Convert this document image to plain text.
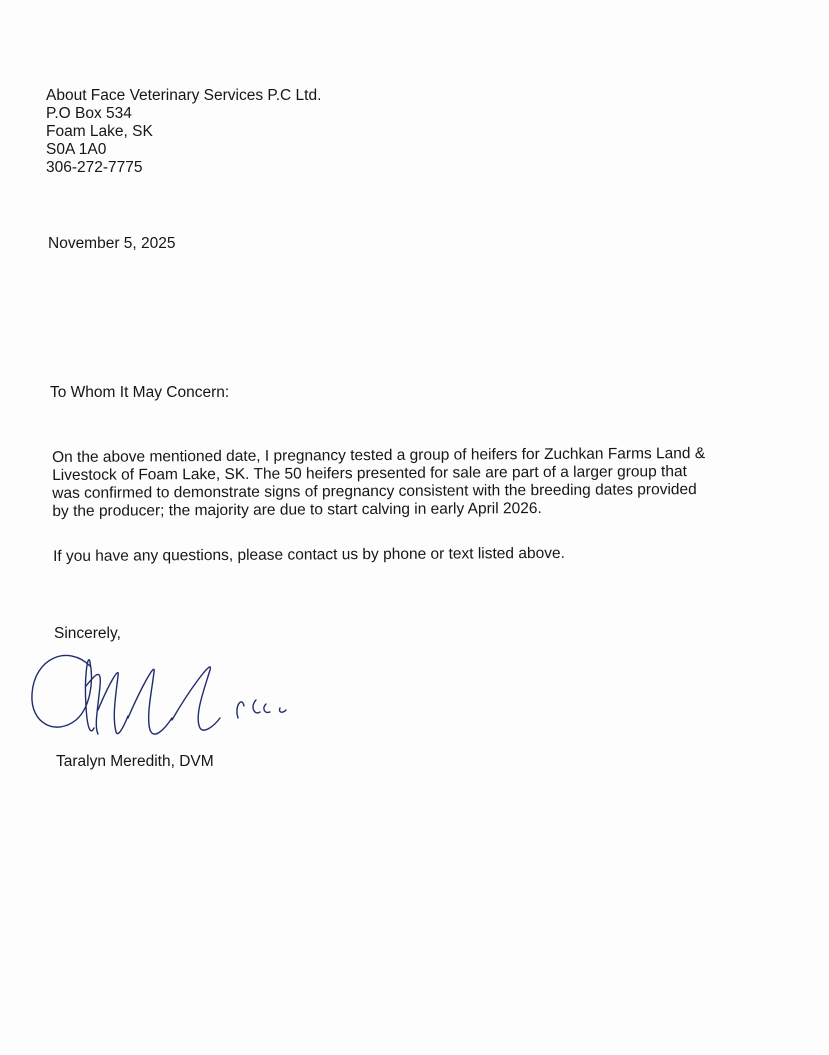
About Face Veterinary Services P.C Ltd.
P.O Box 534
Foam Lake, SK
S0A 1A0
306-272-7775

November 5, 2025

To Whom It May Concern:

On the above mentioned date, I pregnancy tested a group of heifers for Zuchkan Farms Land &
Livestock of Foam Lake, SK. The 50 heifers presented for sale are part of a larger group that
was confirmed to demonstrate signs of pregnancy consistent with the breeding dates provided
by the producer; the majority are due to start calving in early April 2026.

If you have any questions, please contact us by phone or text listed above.

Sincerely,

Taralyn Meredith, DVM
